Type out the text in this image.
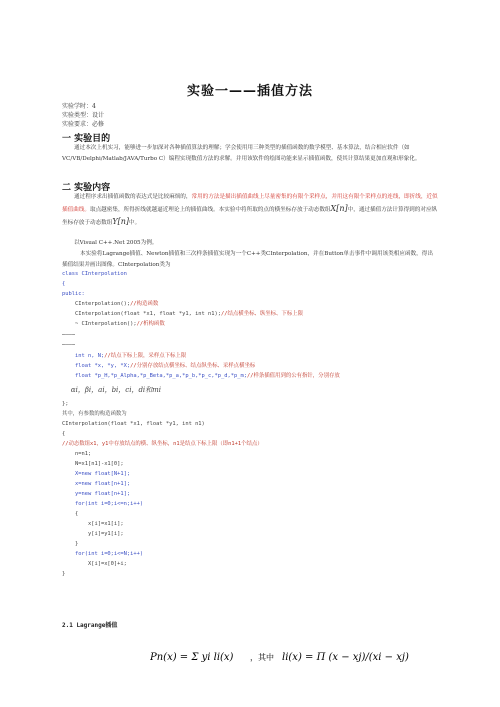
实验一——插值方法
实验学时：4
实验类型：设计
实验要求：必修
一 实验目的
通过本次上机实习，能够进一步加深对各种插值算法的理解；学会使用用三种类型的插值函数的数学模型、基本算法，结合相应软件（如VC/VB/Delphi/Matlab/JAVA/Turbo C）编程实现数值方法的求解。并用该软件的绘图功能来显示插值函数，使其计算结果更加直观和形象化。
二 实验内容
通过程序求出插值函数的表达式是比较麻烦的，常用的方法是描出插值曲线上尽量密集的有限个采样点，并用这有限个采样点的连线，即折线，近似插值曲线。取点越密集，所得折线就越逼近理论上的插值曲线。本实验中将所取的点的横坐标存放于动态数组X[n]中，通过插值方法计算得到的对应纵坐标存放于动态数组Y[n]中。
以Visual C++.Net 2005为例。
本实验将Lagrange插值、Newton插值和三次样条插值实现为一个C++类CInterpolation，并在Button单击事件中调用该类相应函数，得出插值结果并画出图像。CInterpolation类为

class CInterpolation

{

public:

CInterpolation();//构造函数

CInterpolation(float *x1, float *y1, int n1);//结点横坐标、纵坐标、下标上限

~ CInterpolation();//析构函数

…………

…………

int n, N;//结点下标上限，采样点下标上限

float *x, *y, *X;//分别存放结点横坐标、结点纵坐标、采样点横坐标

float *p_H,*p_Alpha,*p_Beta,*p_a,*p_b,*p_c,*p_d,*p_m;//样条插值用到的公有指针，分别存放

αi，βi，ai，bi，ci，di和mi

};

其中，有参数的构造函数为

CInterpolation(float *x1, float *y1, int n1)

{

//动态数组x1，y1中存放结点的横、纵坐标，n1是结点下标上限（即n1+1个结点）

n=n1;

N=x1[n1]-x1[0];

X=new float[N+1];

x=new float[n+1];

y=new float[n+1];

for(int i=0;i<=n;i++)

{

x[i]=x1[i];

y[i]=y1[i];

}

for(int i=0;i<=N;i++)

X[i]=x[0]+i;

}

2.1 Lagrange插值
Pn(x) = Σ yi li(x) ，其中 li(x) = Π (x − xj)/(xi − xj)
